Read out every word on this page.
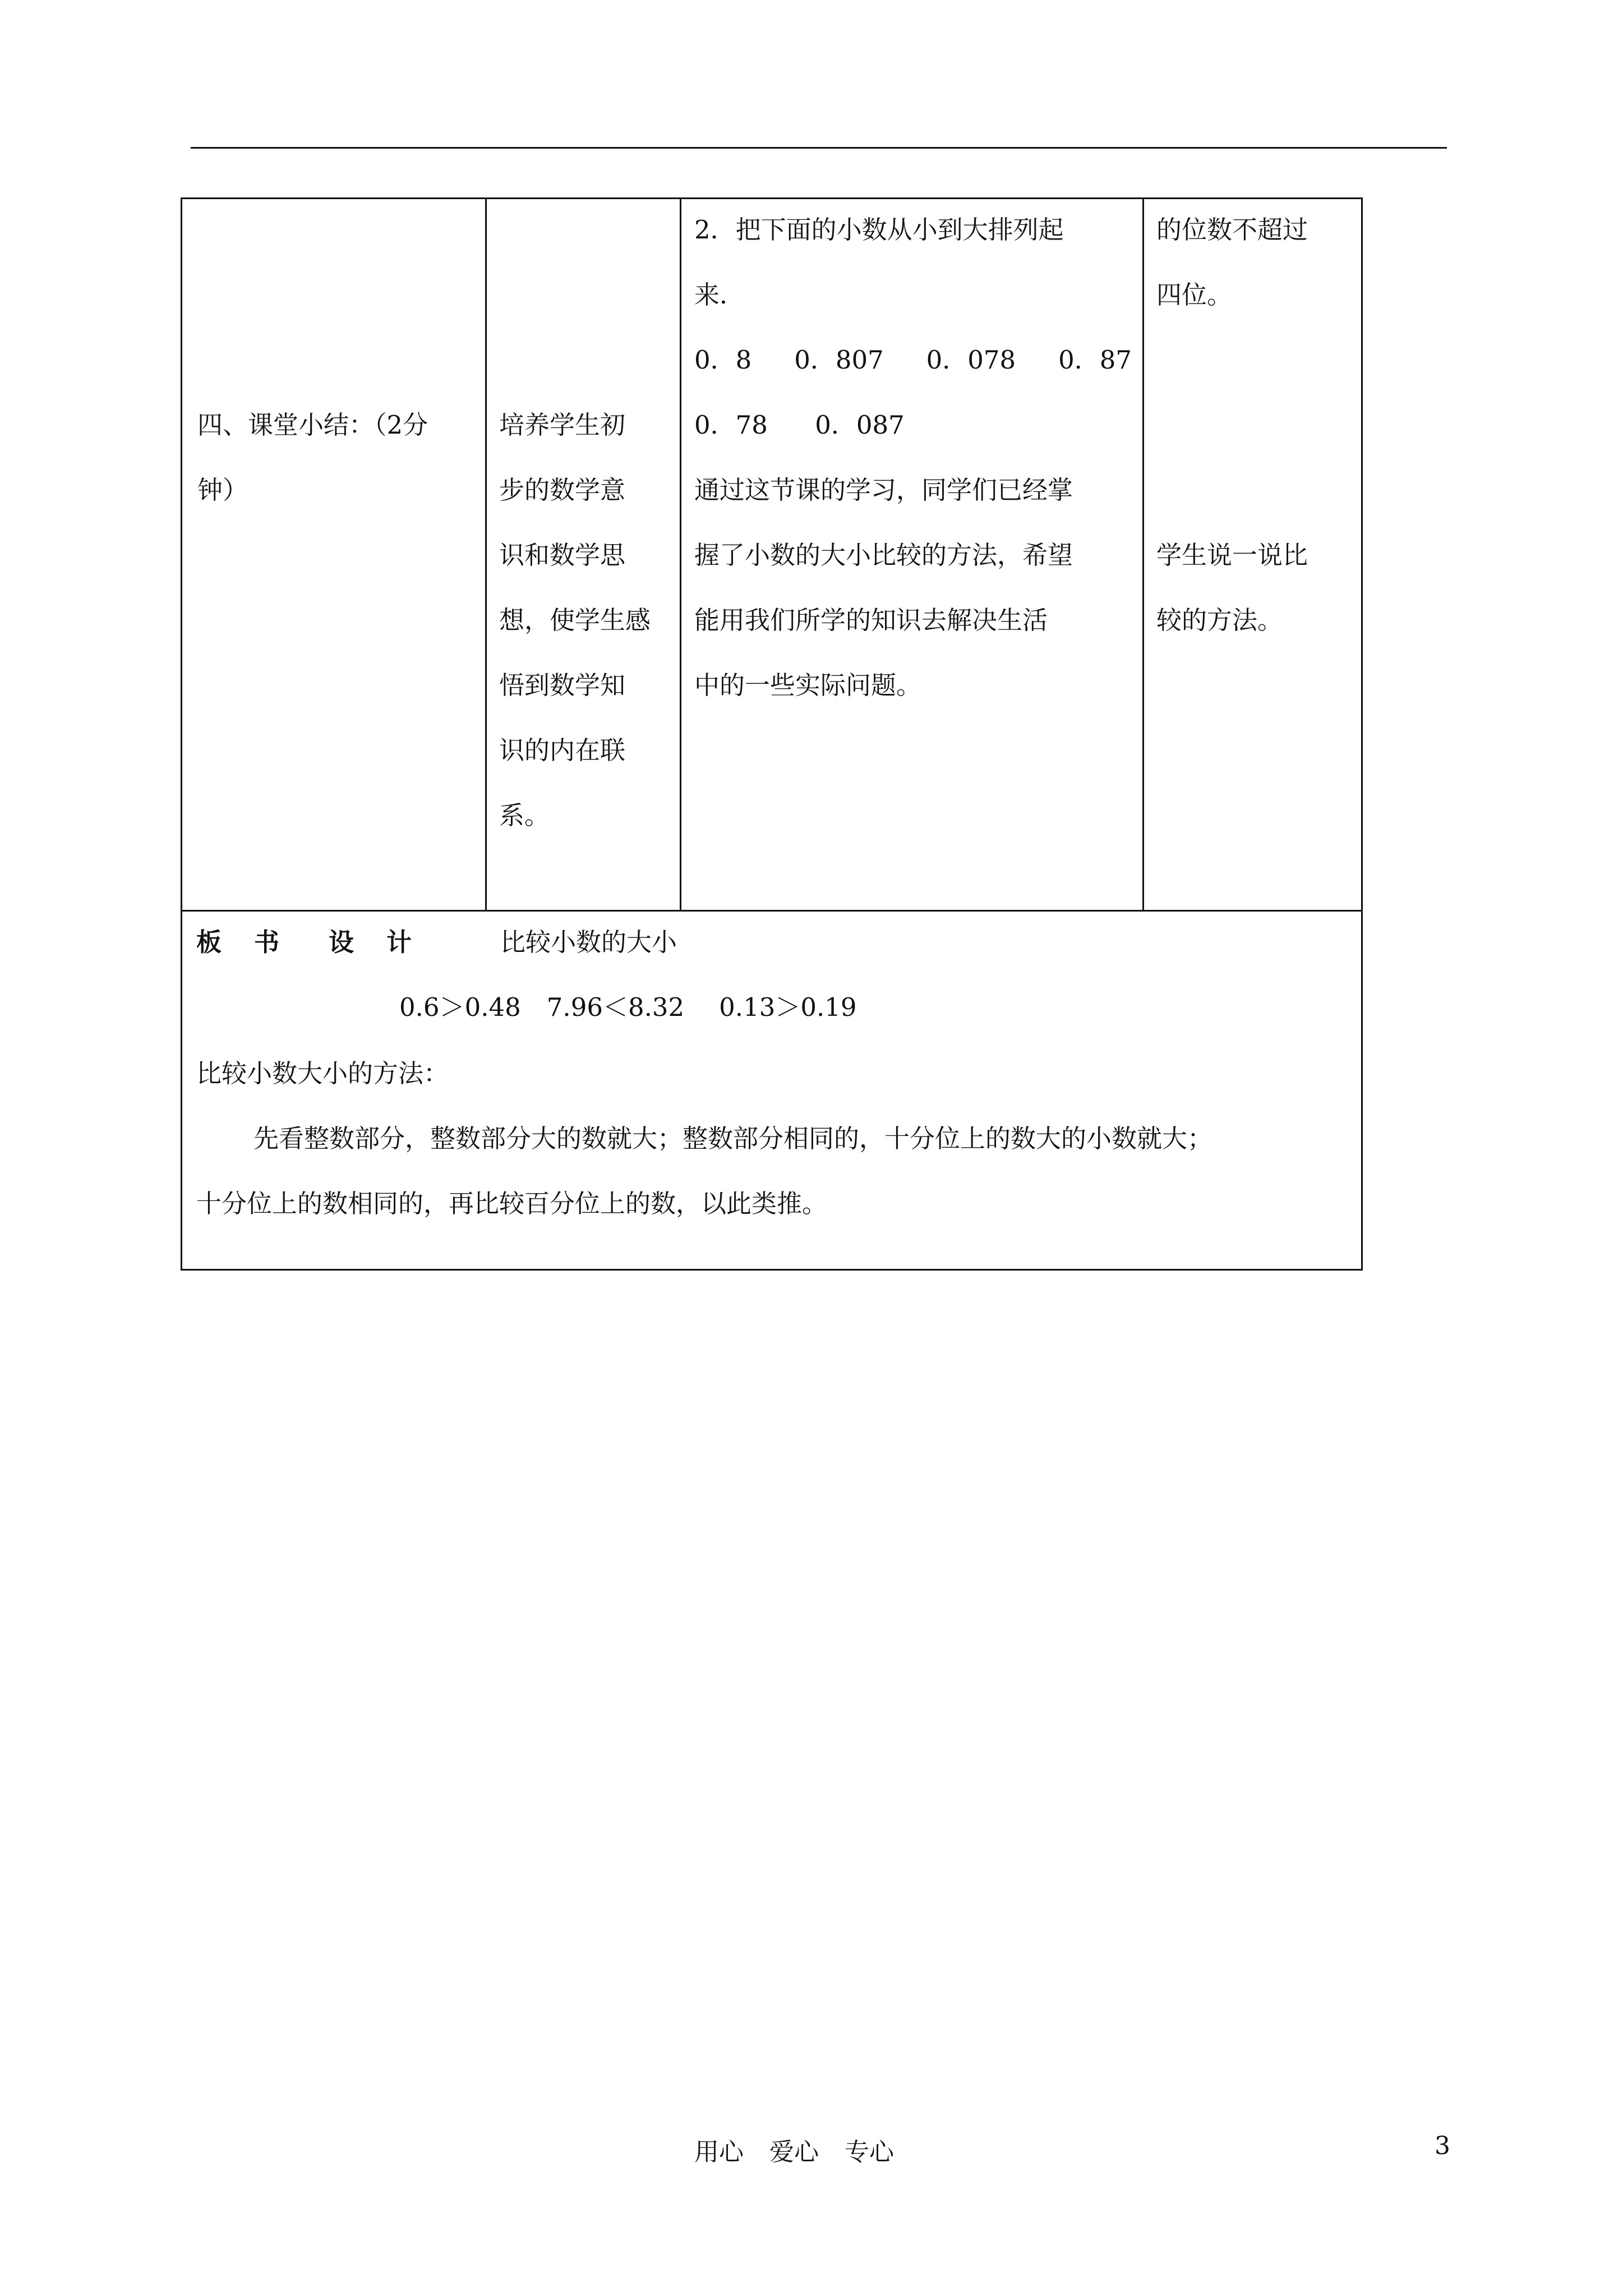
四、课堂小结：（2分
钟）
培养学生初
步的数学意
识和数学思
想，使学生感
悟到数学知
识的内在联
系。
2．把下面的小数从小到大排列起
来．
0．8 0．807 0．078 0．87
0．78 0．087
通过这节课的学习，同学们已经掌
握了小数的大小比较的方法，希望
能用我们所学的知识去解决生活
中的一些实际问题。
的位数不超过
四位。
学生说一说比
较的方法。
板 书 设 计	比较小数的大小
0.6＞0.48 7.96＜8.32 0.13＞0.19
比较小数大小的方法：
先看整数部分，整数部分大的数就大；整数部分相同的，十分位上的数大的小数就大；
十分位上的数相同的，再比较百分位上的数，以此类推。
用心 爱心 专心	3
